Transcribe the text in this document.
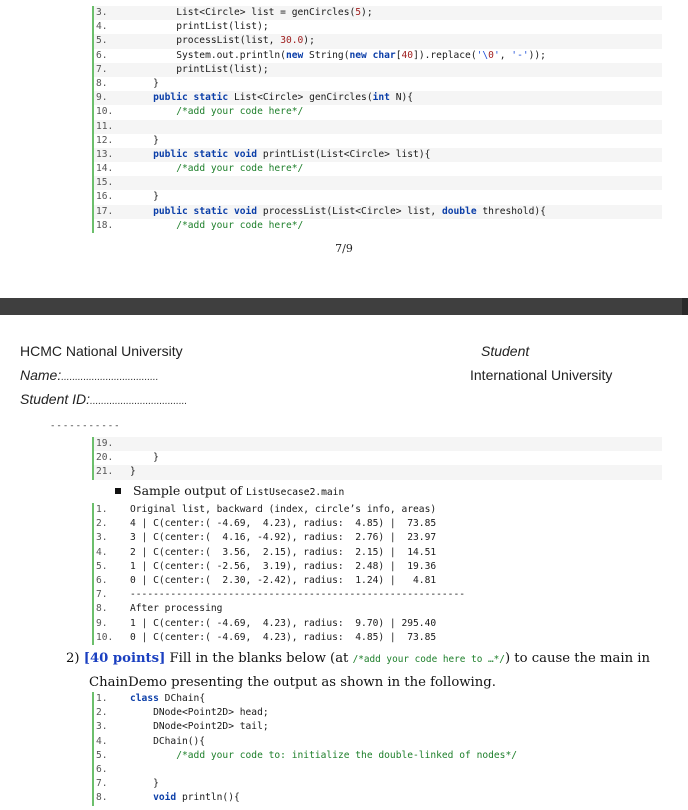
3.	List<Circle> list = genCircles(5);
4.	printList(list);
5.	processList(list, 30.0);
6.	System.out.println(new String(new char[40]).replace('\0', '-'));
7.	printList(list);
8.	}
9.	public static List<Circle> genCircles(int N){
10.	/*add your code here*/
11.
12.	}
13.	public static void printList(List<Circle> list){
14.	/*add your code here*/
15.
16.	}
17.	public static void processList(List<Circle> list, double threshold){
18.	/*add your code here*/
7/9
HCMC National University
Name:...................................
Student ID:...................................
Student
International University
-----------
19.
20.	}
21.	}
Sample output of ListUsecase2.main
1.	Original list, backward (index, circle’s info, areas)
2.	4 | C(center:( -4.69,  4.23), radius:  4.85) |  73.85
3.	3 | C(center:(  4.16, -4.92), radius:  2.76) |  23.97
4.	2 | C(center:(  3.56,  2.15), radius:  2.15) |  14.51
5.	1 | C(center:( -2.56,  3.19), radius:  2.48) |  19.36
6.	0 | C(center:(  2.30, -2.42), radius:  1.24) |   4.81
7.	----------------------------------------------------------
8.	After processing
9.	1 | C(center:( -4.69,  4.23), radius:  9.70) | 295.40
10.	0 | C(center:( -4.69,  4.23), radius:  4.85) |  73.85
2) [40 points] Fill in the blanks below (at /*add your code here to …*/) to cause the main in
ChainDemo presenting the output as shown in the following.
1.	class DChain{
2.	DNode<Point2D> head;
3.	DNode<Point2D> tail;
4.	DChain(){
5.	/*add your code to: initialize the double-linked of nodes*/
6.
7.	}
8.	void println(){
